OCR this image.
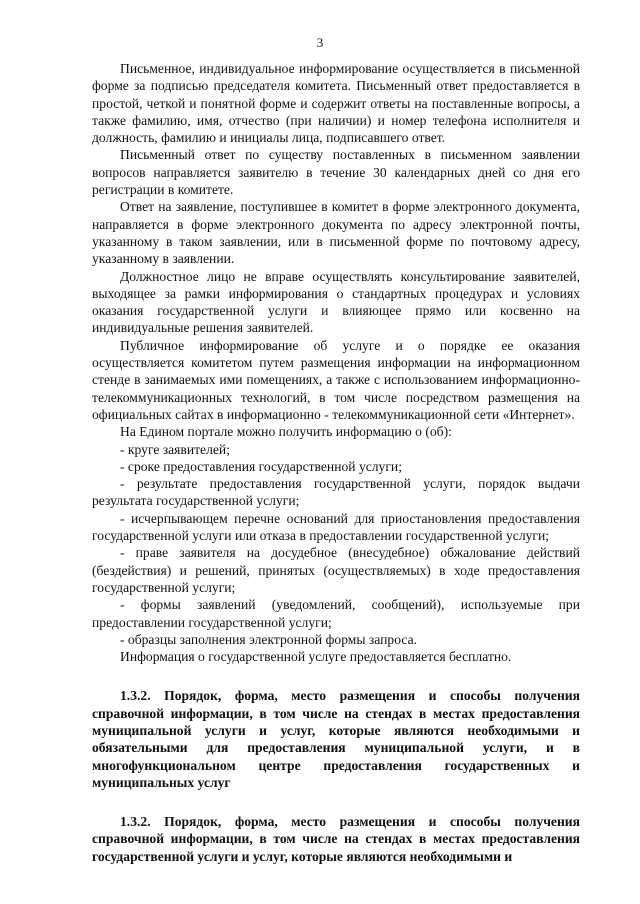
3

Письменное, индивидуальное информирование осуществляется в письменной форме за подписью председателя комитета. Письменный ответ предоставляется в простой, четкой и понятной форме и содержит ответы на поставленные вопросы, а также фамилию, имя, отчество (при наличии) и номер телефона исполнителя и должность, фамилию и инициалы лица, подписавшего ответ.

Письменный ответ по существу поставленных в письменном заявлении вопросов направляется заявителю в течение 30 календарных дней со дня его регистрации в комитете.

Ответ на заявление, поступившее в комитет в форме электронного документа, направляется в форме электронного документа по адресу электронной почты, указанному в таком заявлении, или в письменной форме по почтовому адресу, указанному в заявлении.

Должностное лицо не вправе осуществлять консультирование заявителей, выходящее за рамки информирования о стандартных процедурах и условиях оказания государственной услуги и влияющее прямо или косвенно на индивидуальные решения заявителей.

Публичное информирование об услуге и о порядке ее оказания осуществляется комитетом путем размещения информации на информационном стенде в занимаемых ими помещениях, а также с использованием информационно-телекоммуникационных технологий, в том числе посредством размещения на официальных сайтах в информационно - телекоммуникационной сети «Интернет».

На Едином портале можно получить информацию о (об):

- круге заявителей;

- сроке предоставления государственной услуги;

- результате предоставления государственной услуги, порядок выдачи результата государственной услуги;

- исчерпывающем перечне оснований для приостановления предоставления государственной услуги или отказа в предоставлении государственной услуги;

- праве заявителя на досудебное (внесудебное) обжалование действий (бездействия) и решений, принятых (осуществляемых) в ходе предоставления государственной услуги;

- формы заявлений (уведомлений, сообщений), используемые при предоставлении государственной услуги;

- образцы заполнения электронной формы запроса.

Информация о государственной услуге предоставляется бесплатно.

1.3.2. Порядок, форма, место размещения и способы получения справочной информации, в том числе на стендах в местах предоставления муниципальной услуги и услуг, которые являются необходимыми и обязательными для предоставления муниципальной услуги, и в многофункциональном центре предоставления государственных и муниципальных услуг

1.3.2. Порядок, форма, место размещения и способы получения справочной информации, в том числе на стендах в местах предоставления государственной услуги и услуг, которые являются необходимыми и
